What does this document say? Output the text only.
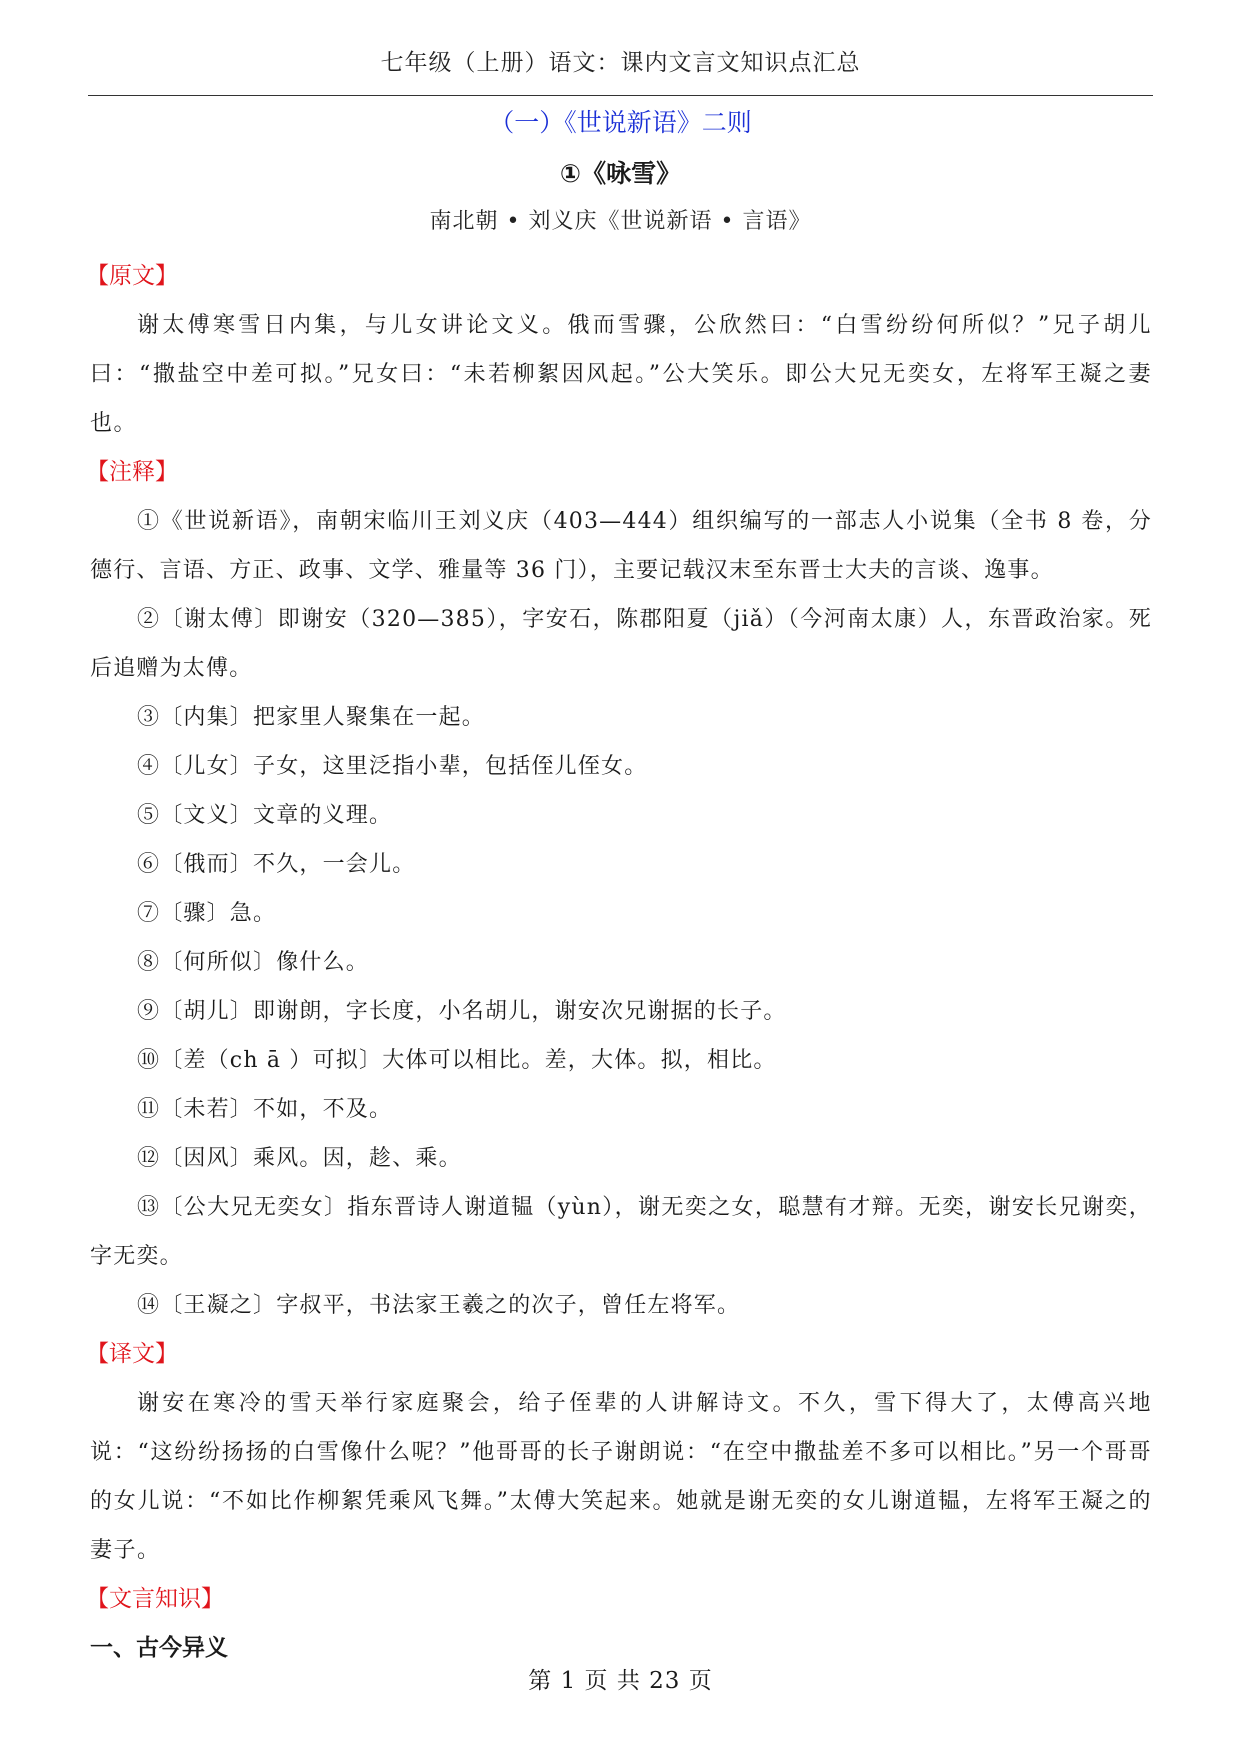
七年级（上册）语文：课内文言文知识点汇总
（一）《世说新语》二则
①《咏雪》
南北朝 • 刘义庆《世说新语 • 言语》
【原文】

谢太傅寒雪日内集，与儿女讲论文义。俄而雪骤，公欣然曰：“白雪纷纷何所似？”兄子胡儿曰：“撒盐空中差可拟。”兄女曰：“未若柳絮因风起。”公大笑乐。即公大兄无奕女，左将军王凝之妻也。

【注释】

①《世说新语》，南朝宋临川王刘义庆（403—444）组织编写的一部志人小说集（全书 8 卷，分德行、言语、方正、政事、文学、雅量等 36 门），主要记载汉末至东晋士大夫的言谈、逸事。

②〔谢太傅〕即谢安（320—385），字安石，陈郡阳夏（jiǎ）（今河南太康）人，东晋政治家。死后追赠为太傅。

③〔内集〕把家里人聚集在一起。

④〔儿女〕子女，这里泛指小辈，包括侄儿侄女。

⑤〔文义〕文章的义理。

⑥〔俄而〕不久，一会儿。

⑦〔骤〕急。

⑧〔何所似〕像什么。

⑨〔胡儿〕即谢朗，字长度，小名胡儿，谢安次兄谢据的长子。

⑩〔差（ch ā ）可拟〕大体可以相比。差，大体。拟，相比。

⑪〔未若〕不如，不及。

⑫〔因风〕乘风。因，趁、乘。

⑬〔公大兄无奕女〕指东晋诗人谢道韫（yùn），谢无奕之女，聪慧有才辩。无奕，谢安长兄谢奕，字无奕。

⑭〔王凝之〕字叔平，书法家王羲之的次子，曾任左将军。

【译文】

谢安在寒冷的雪天举行家庭聚会，给子侄辈的人讲解诗文。不久，雪下得大了，太傅高兴地说：“这纷纷扬扬的白雪像什么呢？”他哥哥的长子谢朗说：“在空中撒盐差不多可以相比。”另一个哥哥的女儿说：“不如比作柳絮凭乘风飞舞。”太傅大笑起来。她就是谢无奕的女儿谢道韫，左将军王凝之的妻子。

【文言知识】
一、古今异义
第 1 页 共 23 页
